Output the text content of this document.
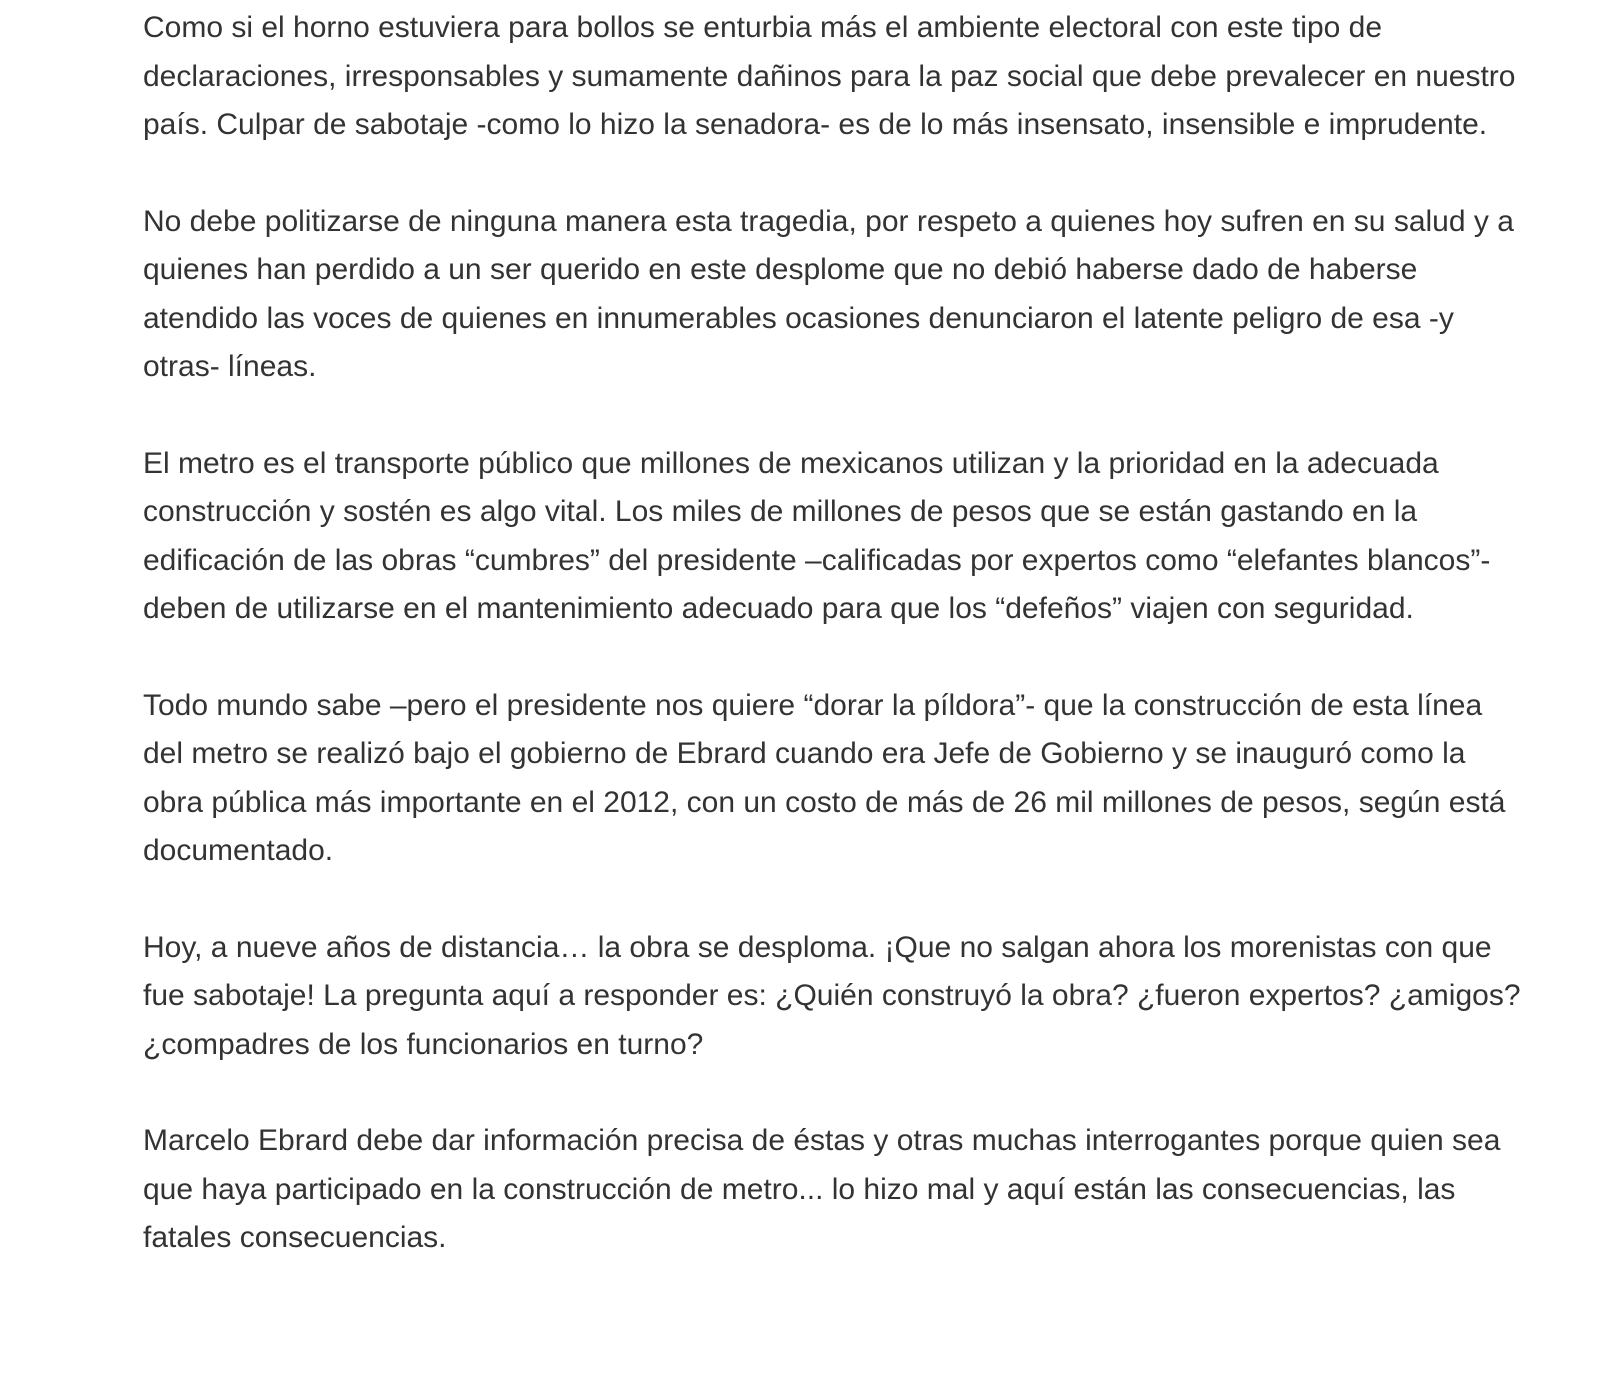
Como si el horno estuviera para bollos se enturbia más el ambiente electoral con este tipo de declaraciones, irresponsables y sumamente dañinos para la paz social que debe prevalecer en nuestro país. Culpar de sabotaje -como lo hizo la senadora- es de lo más insensato, insensible e imprudente.

No debe politizarse de ninguna manera esta tragedia, por respeto a quienes hoy sufren en su salud y a quienes han perdido a un ser querido en este desplome que no debió haberse dado de haberse atendido las voces de quienes en innumerables ocasiones denunciaron el latente peligro de esa -y otras- líneas.

El metro es el transporte público que millones de mexicanos utilizan y la prioridad en la adecuada construcción y sostén es algo vital. Los miles de millones de pesos que se están gastando en la edificación de las obras “cumbres” del presidente –calificadas por expertos como “elefantes blancos”- deben de utilizarse en el mantenimiento adecuado para que los “defeños” viajen con seguridad.

Todo mundo sabe –pero el presidente nos quiere “dorar la píldora”- que la construcción de esta línea del metro se realizó bajo el gobierno de Ebrard cuando era Jefe de Gobierno y se inauguró como la obra pública más importante en el 2012, con un costo de más de 26 mil millones de pesos, según está documentado.

Hoy, a nueve años de distancia… la obra se desploma. ¡Que no salgan ahora los morenistas con que fue sabotaje! La pregunta aquí a responder es: ¿Quién construyó la obra? ¿fueron expertos? ¿amigos? ¿compadres de los funcionarios en turno?

Marcelo Ebrard debe dar información precisa de éstas y otras muchas interrogantes porque quien sea que haya participado en la construcción de metro... lo hizo mal y aquí están las consecuencias, las fatales consecuencias.
